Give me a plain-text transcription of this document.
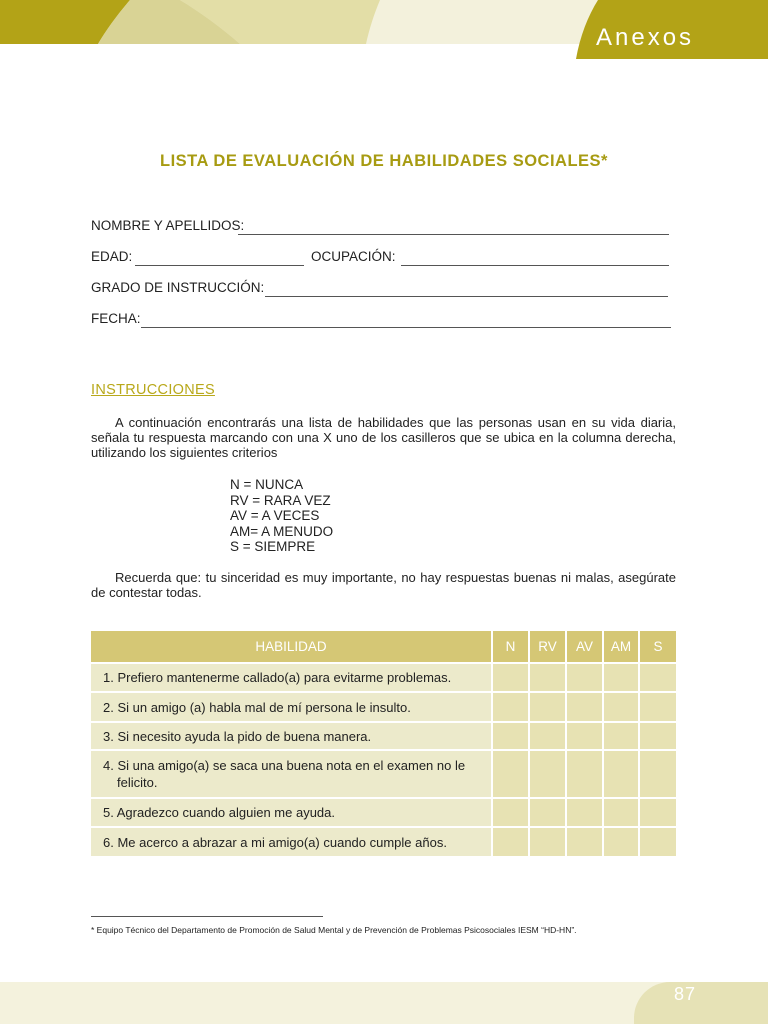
Anexos
LISTA DE EVALUACIÓN DE HABILIDADES SOCIALES*
NOMBRE Y APELLIDOS:
EDAD:	OCUPACIÓN:
GRADO DE INSTRUCCIÓN:
FECHA:
INSTRUCCIONES
A continuación encontrarás una lista de habilidades que las personas usan en su vida diaria, señala tu respuesta marcando con una X uno de los casilleros que se ubica en la columna derecha, utilizando los siguientes criterios
N = NUNCA
RV = RARA VEZ
AV = A VECES
AM= A MENUDO
S = SIEMPRE
Recuerda que: tu sinceridad es muy importante, no hay respuestas buenas ni malas, asegúrate de contestar todas.
HABILIDAD	N	RV	AV	AM	S

1. Prefiero mantenerme callado(a) para evitarme problemas.					

2. Si un amigo (a) habla mal de mí persona le insulto.					

3. Si necesito ayuda la pido de buena manera.					

4. Si una amigo(a) se saca una buena nota en el examen no le felicito.					

5. Agradezco cuando alguien me ayuda.					

6. Me acerco a abrazar a mi amigo(a) cuando cumple años.					

* Equipo Técnico del Departamento de Promoción de Salud Mental y de Prevención de Problemas Psicosociales IESM “HD-HN”.
87
